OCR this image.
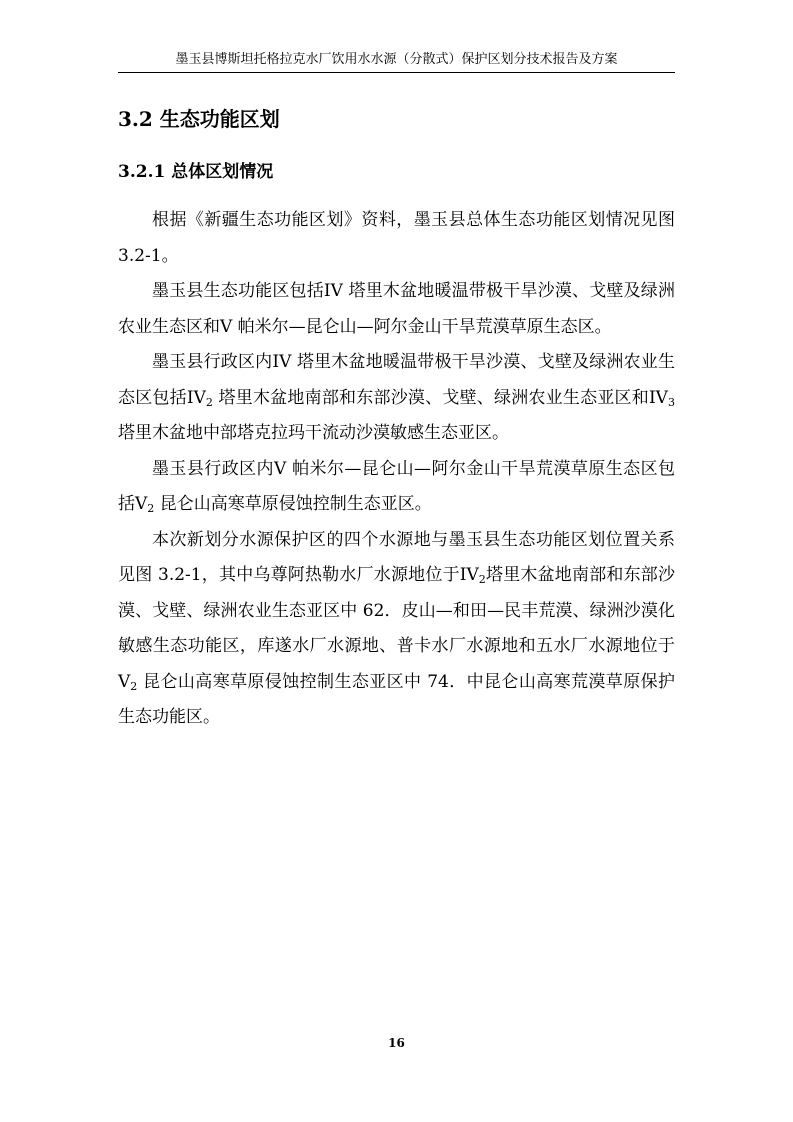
墨玉县博斯坦托格拉克水厂饮用水水源（分散式）保护区划分技术报告及方案
3.2 生态功能区划
3.2.1 总体区划情况

根据《新疆生态功能区划》资料，墨玉县总体生态功能区划情况见图 3.2-1。

墨玉县生态功能区包括IV 塔里木盆地暖温带极干旱沙漠、戈壁及绿洲农业生态区和V 帕米尔—昆仑山—阿尔金山干旱荒漠草原生态区。

墨玉县行政区内IV 塔里木盆地暖温带极干旱沙漠、戈壁及绿洲农业生态区包括$IV_2$ 塔里木盆地南部和东部沙漠、戈壁、绿洲农业生态亚区和$IV_3$塔里木盆地中部塔克拉玛干流动沙漠敏感生态亚区。

墨玉县行政区内V 帕米尔—昆仑山—阿尔金山干旱荒漠草原生态区包括$V_2$ 昆仑山高寒草原侵蚀控制生态亚区。

本次新划分水源保护区的四个水源地与墨玉县生态功能区划位置关系见图 3.2-1，其中乌尊阿热勒水厂水源地位于$IV_2$塔里木盆地南部和东部沙漠、戈壁、绿洲农业生态亚区中 62．皮山—和田—民丰荒漠、绿洲沙漠化敏感生态功能区，库遂水厂水源地、普卡水厂水源地和五水厂水源地位于$V_2$ 昆仑山高寒草原侵蚀控制生态亚区中 74．中昆仑山高寒荒漠草原保护生态功能区。

16
